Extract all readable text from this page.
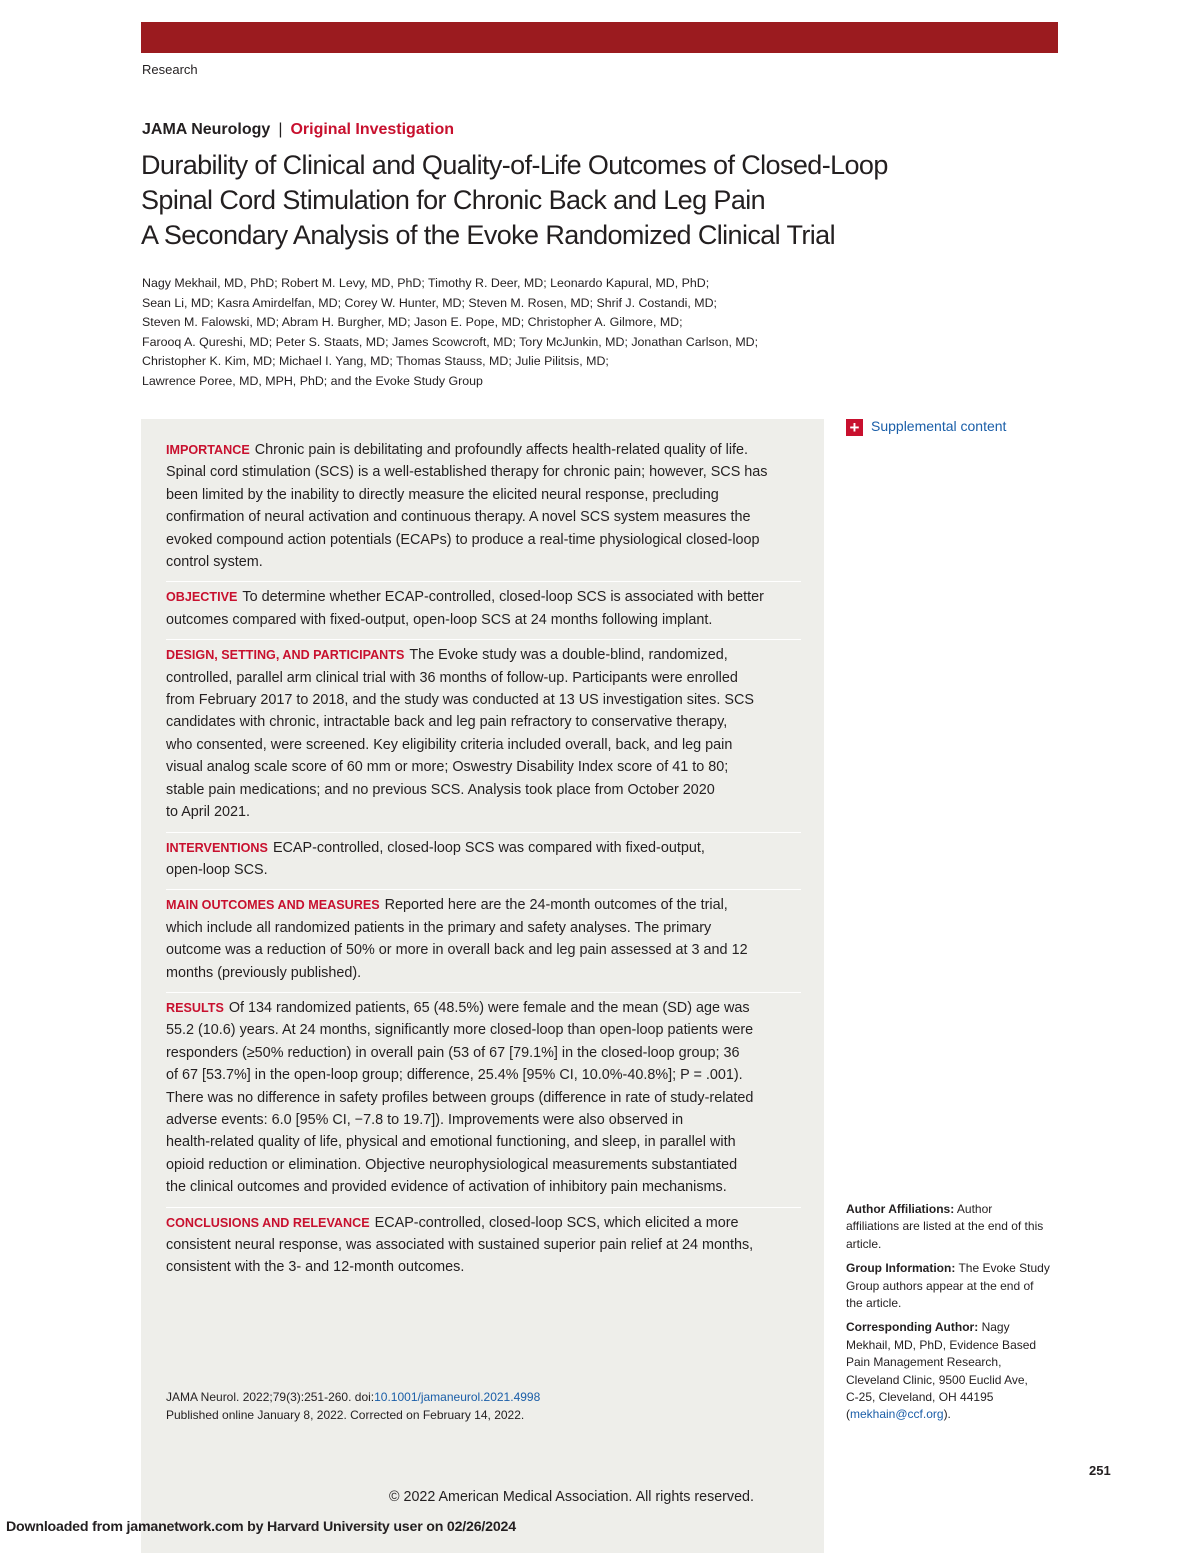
Research
JAMA Neurology | Original Investigation
Durability of Clinical and Quality-of-Life Outcomes of Closed-Loop
Spinal Cord Stimulation for Chronic Back and Leg Pain
A Secondary Analysis of the Evoke Randomized Clinical Trial
Nagy Mekhail, MD, PhD; Robert M. Levy, MD, PhD; Timothy R. Deer, MD; Leonardo Kapural, MD, PhD;
Sean Li, MD; Kasra Amirdelfan, MD; Corey W. Hunter, MD; Steven M. Rosen, MD; Shrif J. Costandi, MD;
Steven M. Falowski, MD; Abram H. Burgher, MD; Jason E. Pope, MD; Christopher A. Gilmore, MD;
Farooq A. Qureshi, MD; Peter S. Staats, MD; James Scowcroft, MD; Tory McJunkin, MD; Jonathan Carlson, MD;
Christopher K. Kim, MD; Michael I. Yang, MD; Thomas Stauss, MD; Julie Pilitsis, MD;
Lawrence Poree, MD, MPH, PhD; and the Evoke Study Group
IMPORTANCE Chronic pain is debilitating and profoundly affects health-related quality of life.
Spinal cord stimulation (SCS) is a well-established therapy for chronic pain; however, SCS has
been limited by the inability to directly measure the elicited neural response, precluding
confirmation of neural activation and continuous therapy. A novel SCS system measures the
evoked compound action potentials (ECAPs) to produce a real-time physiological closed-loop
control system.
OBJECTIVE To determine whether ECAP-controlled, closed-loop SCS is associated with better
outcomes compared with fixed-output, open-loop SCS at 24 months following implant.
DESIGN, SETTING, AND PARTICIPANTS The Evoke study was a double-blind, randomized,
controlled, parallel arm clinical trial with 36 months of follow-up. Participants were enrolled
from February 2017 to 2018, and the study was conducted at 13 US investigation sites. SCS
candidates with chronic, intractable back and leg pain refractory to conservative therapy,
who consented, were screened. Key eligibility criteria included overall, back, and leg pain
visual analog scale score of 60 mm or more; Oswestry Disability Index score of 41 to 80;
stable pain medications; and no previous SCS. Analysis took place from October 2020
to April 2021.
INTERVENTIONS ECAP-controlled, closed-loop SCS was compared with fixed-output,
open-loop SCS.
MAIN OUTCOMES AND MEASURES Reported here are the 24-month outcomes of the trial,
which include all randomized patients in the primary and safety analyses. The primary
outcome was a reduction of 50% or more in overall back and leg pain assessed at 3 and 12
months (previously published).
RESULTS Of 134 randomized patients, 65 (48.5%) were female and the mean (SD) age was
55.2 (10.6) years. At 24 months, significantly more closed-loop than open-loop patients were
responders (≥50% reduction) in overall pain (53 of 67 [79.1%] in the closed-loop group; 36
of 67 [53.7%] in the open-loop group; difference, 25.4% [95% CI, 10.0%-40.8%]; P = .001).
There was no difference in safety profiles between groups (difference in rate of study-related
adverse events: 6.0 [95% CI, −7.8 to 19.7]). Improvements were also observed in
health-related quality of life, physical and emotional functioning, and sleep, in parallel with
opioid reduction or elimination. Objective neurophysiological measurements substantiated
the clinical outcomes and provided evidence of activation of inhibitory pain mechanisms.
CONCLUSIONS AND RELEVANCE ECAP-controlled, closed-loop SCS, which elicited a more
consistent neural response, was associated with sustained superior pain relief at 24 months,
consistent with the 3- and 12-month outcomes.
JAMA Neurol. 2022;79(3):251-260. doi:10.1001/jamaneurol.2021.4998
Published online January 8, 2022. Corrected on February 14, 2022.
© 2022 American Medical Association. All rights reserved.
Downloaded from jamanetwork.com by Harvard University user on 02/26/2024
+ Supplemental content
Author Affiliations: Author
affiliations are listed at the end of this
article.
Group Information: The Evoke Study
Group authors appear at the end of
the article.
Corresponding Author: Nagy
Mekhail, MD, PhD, Evidence Based
Pain Management Research,
Cleveland Clinic, 9500 Euclid Ave,
C-25, Cleveland, OH 44195
(mekhain@ccf.org).
251
